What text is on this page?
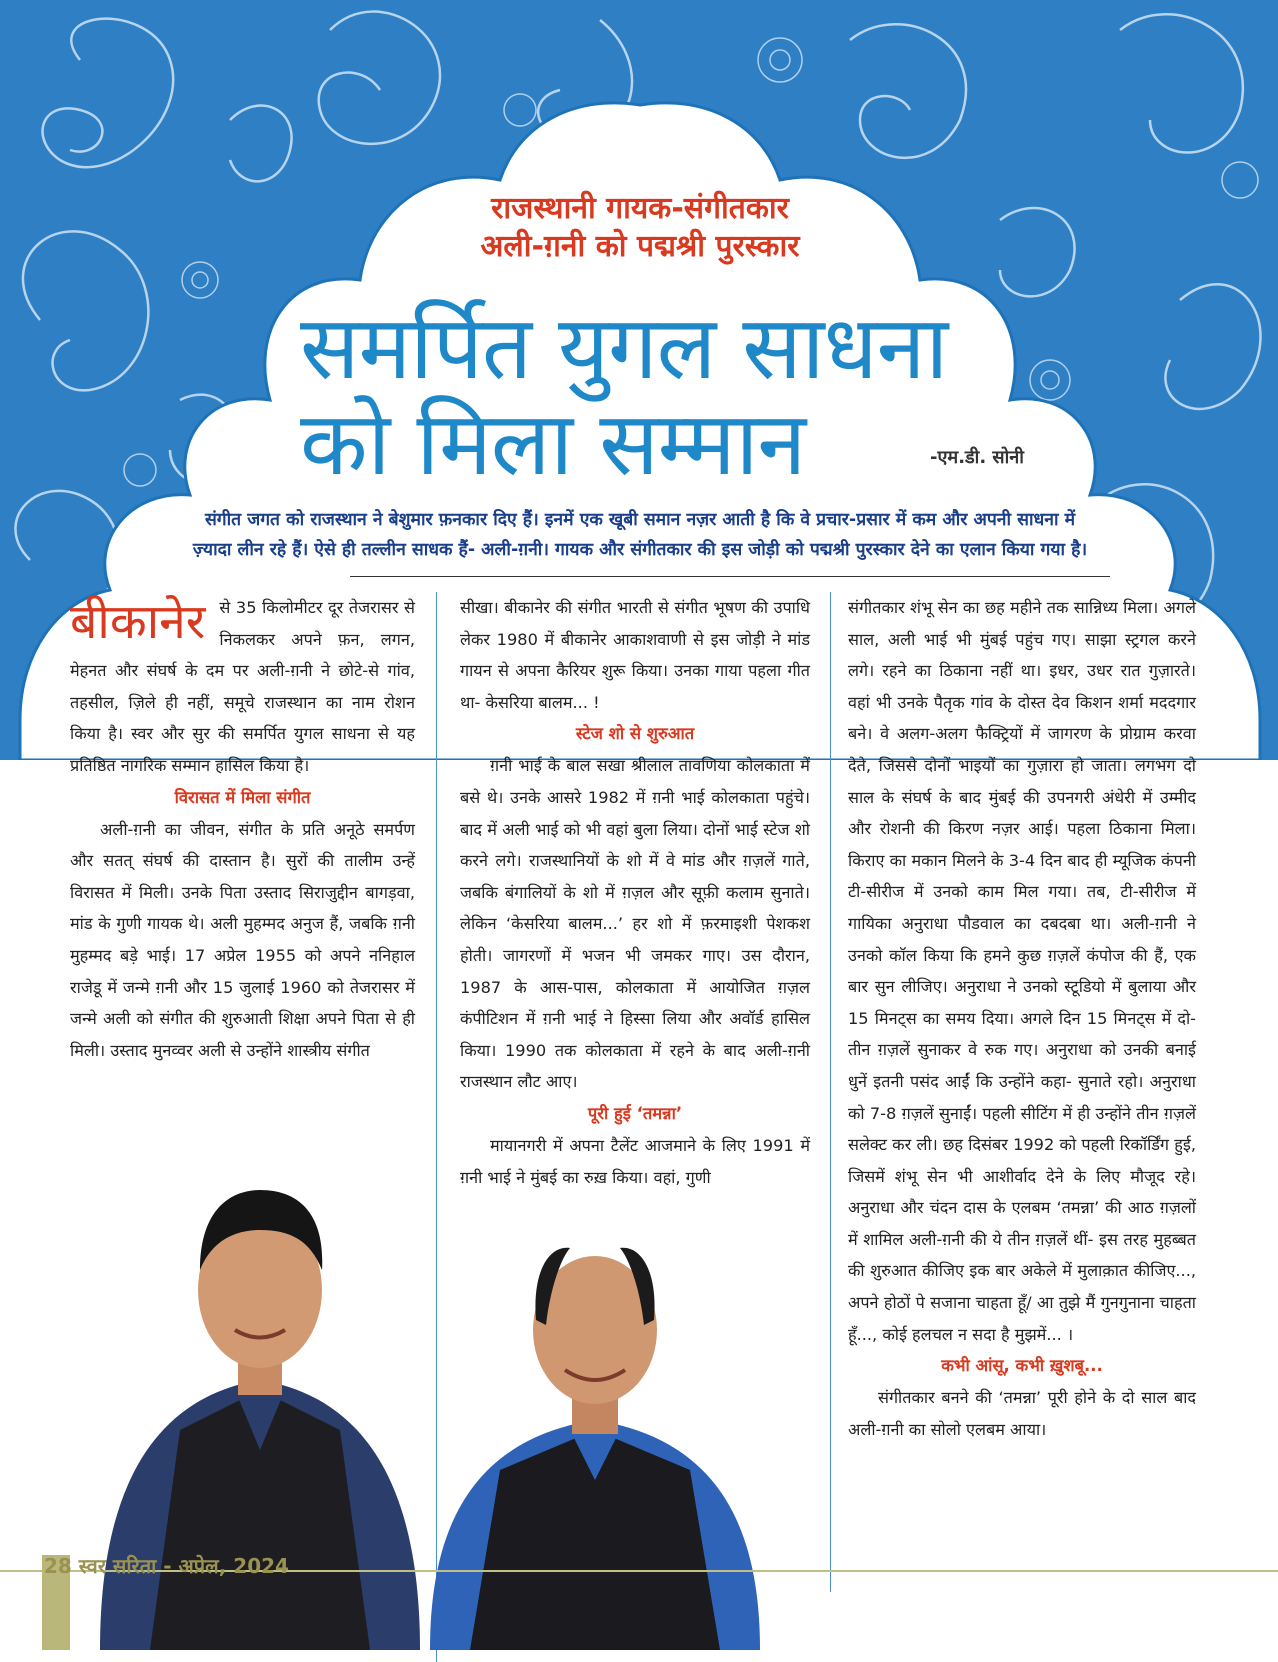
राजस्थानी गायक-संगीतकार
अली-ग़नी को पद्मश्री पुरस्कार
समर्पित युगल साधना
को मिला सम्मान	-एम.डी. सोनी
संगीत जगत को राजस्थान ने बेशुमार फ़नकार दिए हैं। इनमें एक खूबी समान नज़र आती है कि वे प्रचार-प्रसार में कम और अपनी साधना में
ज़्यादा लीन रहे हैं। ऐसे ही तल्लीन साधक हैं- अली-ग़नी। गायक और संगीतकार की इस जोड़ी को पद्मश्री पुरस्कार देने का एलान किया गया है।

बीकानेर से 35 किलोमीटर दूर तेजरासर से निकलकर अपने फ़न, लगन, मेहनत और संघर्ष के दम पर अली-ग़नी ने छोटे-से गांव, तहसील, ज़िले ही नहीं, समूचे राजस्थान का नाम रोशन किया है। स्वर और सुर की समर्पित युगल साधना से यह प्रतिष्ठित नागरिक सम्मान हासिल किया है।

विरासत में मिला संगीत

अली-ग़नी का जीवन, संगीत के प्रति अनूठे समर्पण और सतत् संघर्ष की दास्तान है। सुरों की तालीम उन्हें विरासत में मिली। उनके पिता उस्ताद सिराजुद्दीन बागड़वा, मांड के गुणी गायक थे। अली मुहम्मद अनुज हैं, जबकि ग़नी मुहम्मद बड़े भाई। 17 अप्रेल 1955 को अपने ननिहाल राजेडू में जन्मे ग़नी और 15 जुलाई 1960 को तेजरासर में जन्मे अली को संगीत की शुरुआती शिक्षा अपने पिता से ही मिली। उस्ताद मुनव्वर अली से उन्होंने शास्त्रीय संगीत

सीखा। बीकानेर की संगीत भारती से संगीत भूषण की उपाधि लेकर 1980 में बीकानेर आकाशवाणी से इस जोड़ी ने मांड गायन से अपना कैरियर शुरू किया। उनका गाया पहला गीत था- केसरिया बालम... !

स्टेज शो से शुरुआत

ग़नी भाई के बाल सखा श्रीलाल तावणिया कोलकाता में बसे थे। उनके आसरे 1982 में ग़नी भाई कोलकाता पहुंचे। बाद में अली भाई को भी वहां बुला लिया। दोनों भाई स्टेज शो करने लगे। राजस्थानियों के शो में वे मांड और ग़ज़लें गाते, जबकि बंगालियों के शो में ग़ज़ल और सूफ़ी कलाम सुनाते। लेकिन ‘केसरिया बालम...’ हर शो में फ़रमाइशी पेशकश होती। जागरणों में भजन भी जमकर गाए। उस दौरान, 1987 के आस-पास, कोलकाता में आयोजित ग़ज़ल कंपीटिशन में ग़नी भाई ने हिस्सा लिया और अवॉर्ड हासिल किया। 1990 तक कोलकाता में रहने के बाद अली-ग़नी राजस्थान लौट आए।

पूरी हुई ‘तमन्ना’

मायानगरी में अपना टैलेंट आजमाने के लिए 1991 में ग़नी भाई ने मुंबई का रुख़ किया। वहां, गुणी

संगीतकार शंभू सेन का छह महीने तक सान्निध्य मिला। अगले साल, अली भाई भी मुंबई पहुंच गए। साझा स्ट्रगल करने लगे। रहने का ठिकाना नहीं था। इधर, उधर रात गुज़ारते। वहां भी उनके पैतृक गांव के दोस्त देव किशन शर्मा मददगार बने। वे अलग-अलग फैक्ट्रियों में जागरण के प्रोग्राम करवा देते, जिससे दोनों भाइयों का गुज़ारा हो जाता। लगभग दो साल के संघर्ष के बाद मुंबई की उपनगरी अंधेरी में उम्मीद और रोशनी की किरण नज़र आई। पहला ठिकाना मिला। किराए का मकान मिलने के 3-4 दिन बाद ही म्यूजिक कंपनी टी-सीरीज में उनको काम मिल गया। तब, टी-सीरीज में गायिका अनुराधा पौडवाल का दबदबा था। अली-ग़नी ने उनको कॉल किया कि हमने कुछ ग़ज़लें कंपोज की हैं, एक बार सुन लीजिए। अनुराधा ने उनको स्टूडियो में बुलाया और 15 मिनट्स का समय दिया। अगले दिन 15 मिनट्स में दो-तीन ग़ज़लें सुनाकर वे रुक गए। अनुराधा को उनकी बनाई धुनें इतनी पसंद आईं कि उन्होंने कहा- सुनाते रहो। अनुराधा को 7-8 ग़ज़लें सुनाईं। पहली सीटिंग में ही उन्होंने तीन ग़ज़लें सलेक्ट कर ली। छह दिसंबर 1992 को पहली रिकॉर्डिंग हुई, जिसमें शंभू सेन भी आशीर्वाद देने के लिए मौजूद रहे। अनुराधा और चंदन दास के एलबम ‘तमन्ना’ की आठ ग़ज़लों में शामिल अली-ग़नी की ये तीन ग़ज़लें थीं- इस तरह मुहब्बत की शुरुआत कीजिए इक बार अकेले में मुलाक़ात कीजिए..., अपने होठों पे सजाना चाहता हूँ/ आ तुझे मैं गुनगुनाना चाहता हूँ..., कोई हलचल न सदा है मुझमें... ।

कभी आंसू, कभी ख़ुशबू...

संगीतकार बनने की ‘तमन्ना’ पूरी होने के दो साल बाद अली-ग़नी का सोलो एलबम आया।

28 स्वर सरिता - अप्रेल, 2024
